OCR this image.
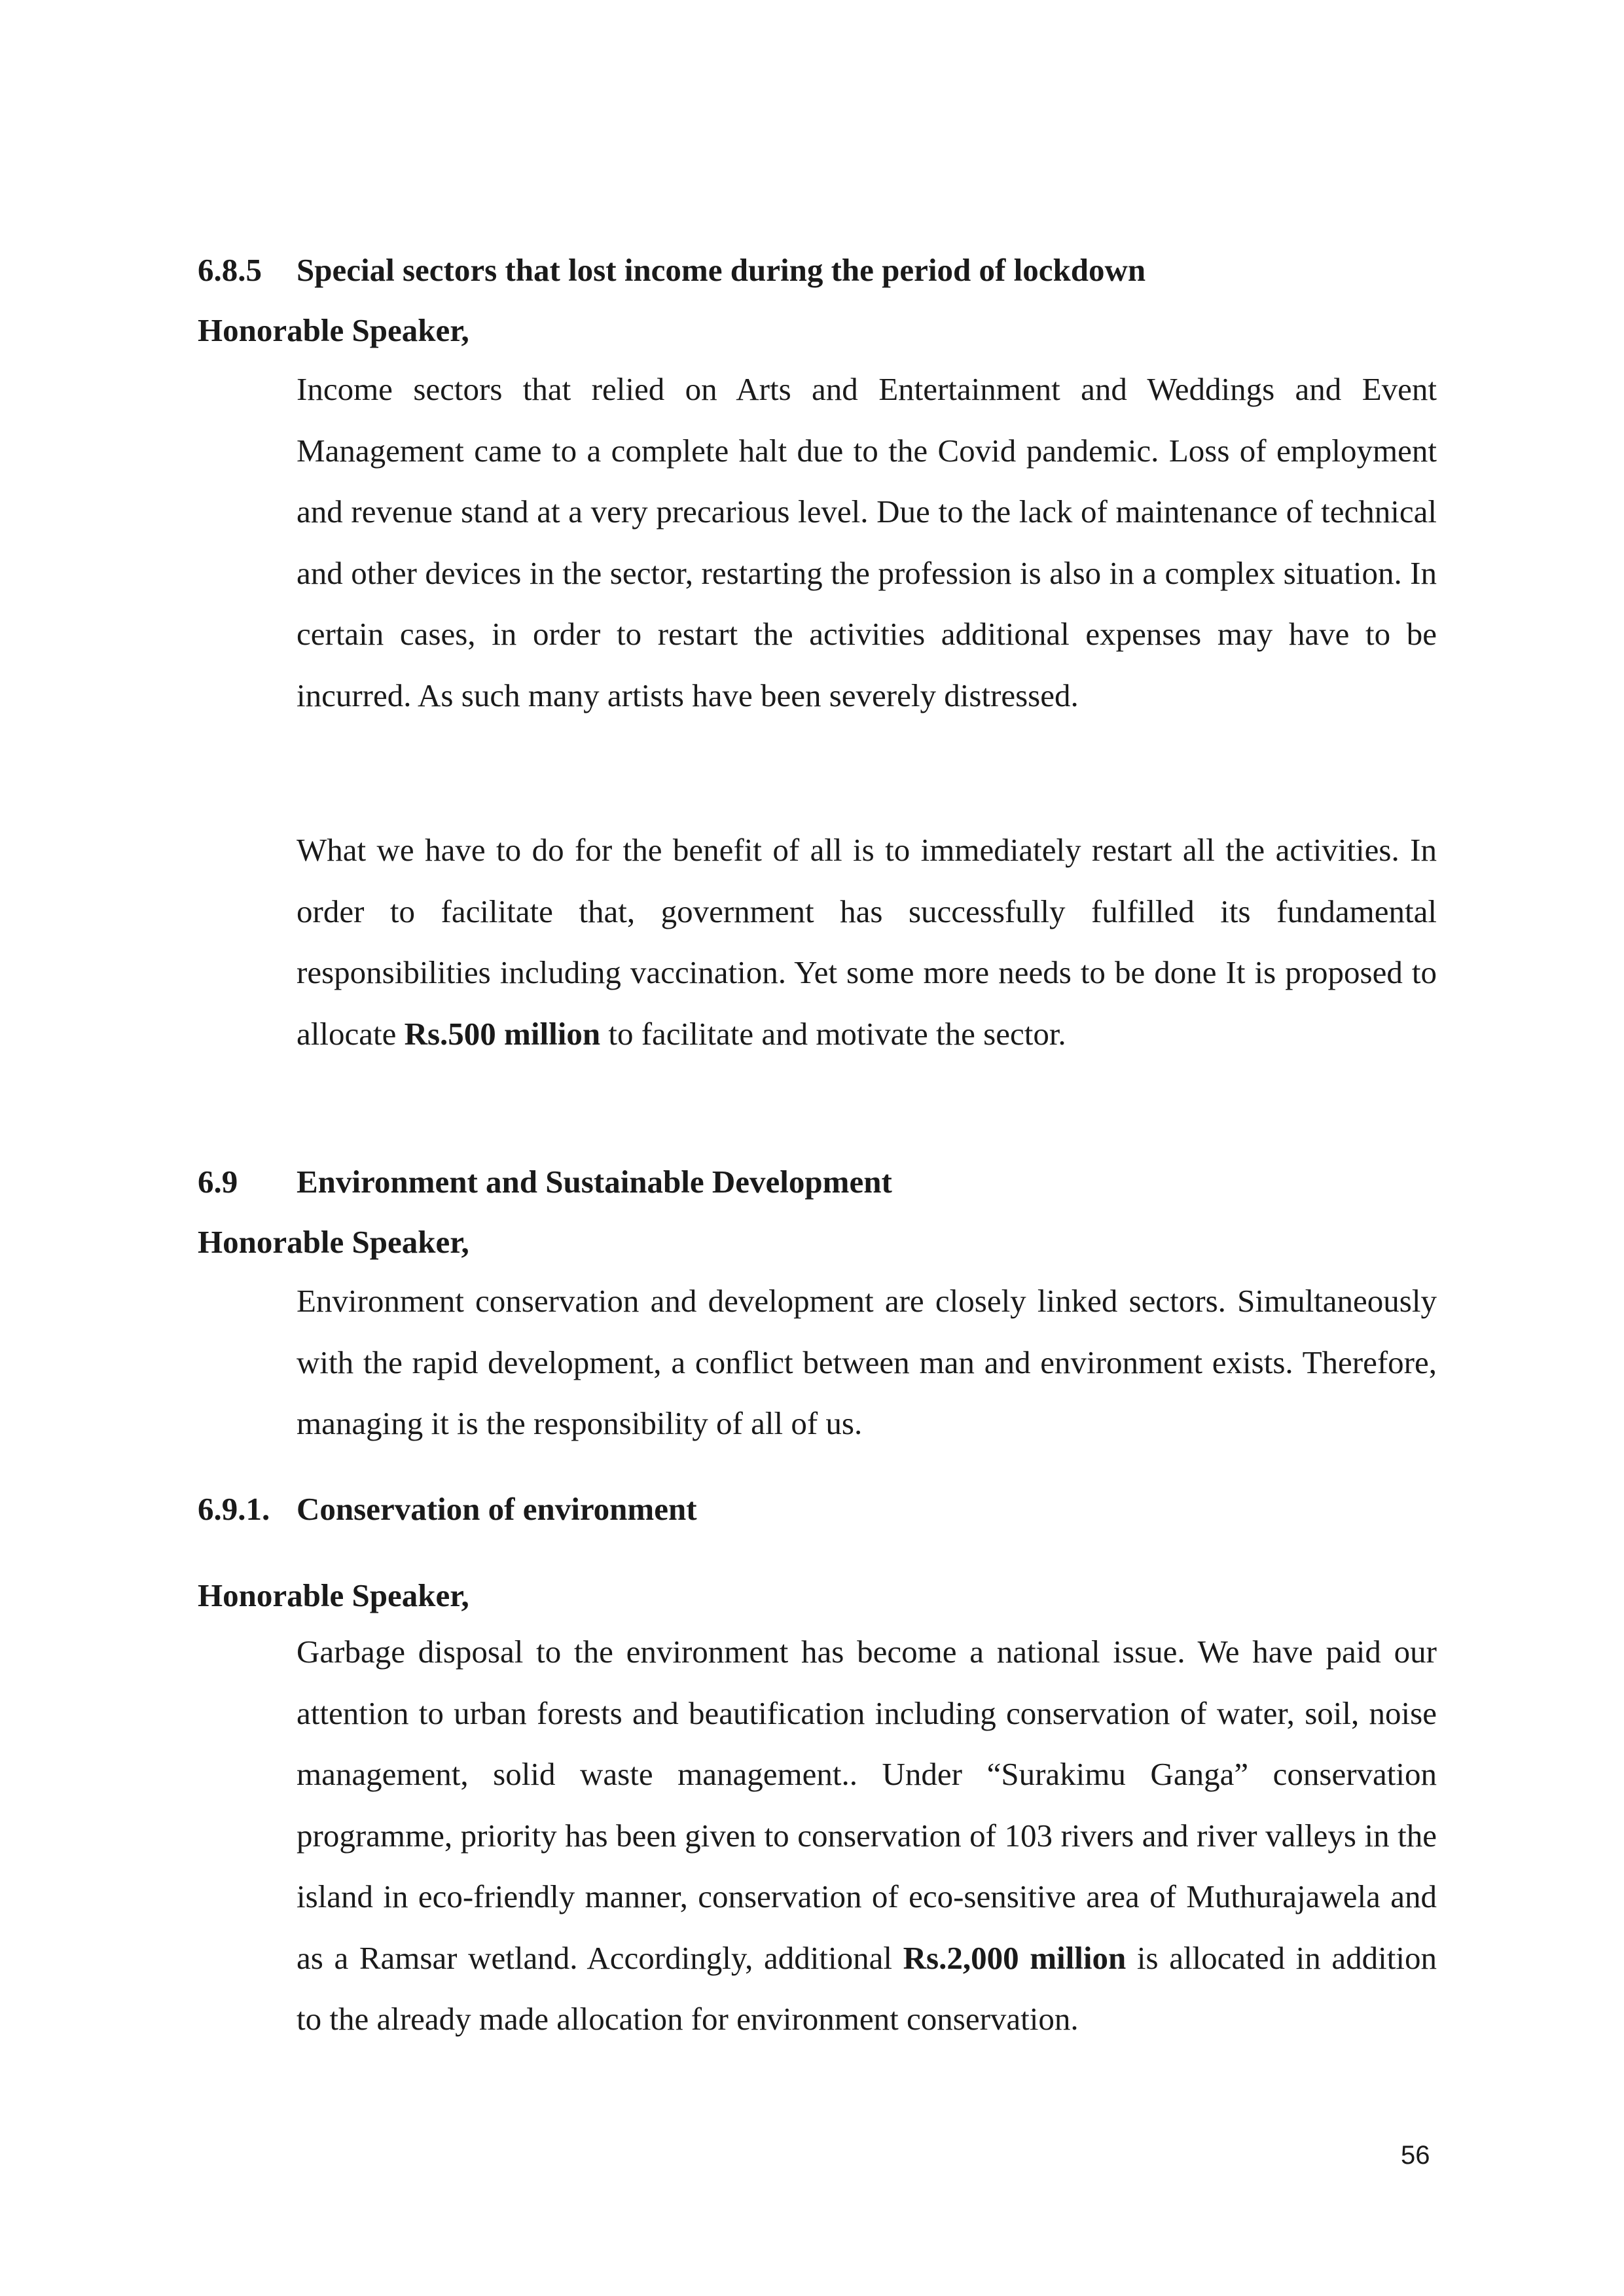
6.8.5 Special sectors that lost income during the period of lockdown
Honorable Speaker,
Income sectors that relied on Arts and Entertainment and Weddings and Event Management came to a complete halt due to the Covid pandemic. Loss of employment and revenue stand at a very precarious level. Due to the lack of maintenance of technical and other devices in the sector, restarting the profession is also in a complex situation. In certain cases, in order to restart the activities additional expenses may have to be incurred. As such many artists have been severely distressed.
What we have to do for the benefit of all is to immediately restart all the activities. In order to facilitate that, government has successfully fulfilled its fundamental responsibilities including vaccination. Yet some more needs to be done It is proposed to allocate Rs.500 million to facilitate and motivate the sector.
6.9 Environment and Sustainable Development
Honorable Speaker,
Environment conservation and development are closely linked sectors. Simultaneously with the rapid development, a conflict between man and environment exists. Therefore, managing it is the responsibility of all of us.
6.9.1. Conservation of environment
Honorable Speaker,
Garbage disposal to the environment has become a national issue. We have paid our attention to urban forests and beautification including conservation of water, soil, noise management, solid waste management.. Under “Surakimu Ganga” conservation programme, priority has been given to conservation of 103 rivers and river valleys in the island in eco-friendly manner, conservation of eco-sensitive area of Muthurajawela and as a Ramsar wetland. Accordingly, additional Rs.2,000 million is allocated in addition to the already made allocation for environment conservation.
56
